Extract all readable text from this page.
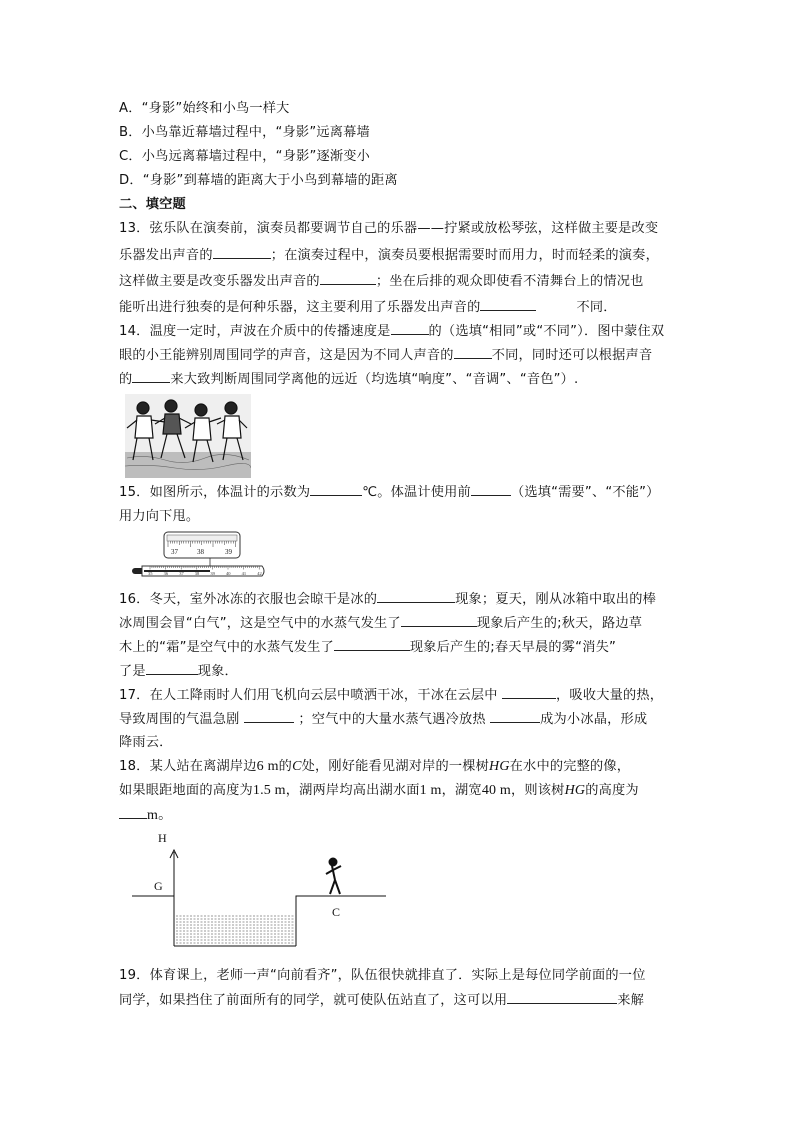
A．“身影”始终和小鸟一样大
B．小鸟靠近幕墙过程中，“身影”远离幕墙
C．小鸟远离幕墙过程中，“身影”逐渐变小
D．“身影”到幕墙的距离大于小鸟到幕墙的距离
二、填空题
13．弦乐队在演奏前，演奏员都要调节自己的乐器——拧紧或放松琴弦，这样做主要是改变
乐器发出声音的	；在演奏过程中，演奏员要根据需要时而用力，时而轻柔的演奏，
这样做主要是改变乐器发出声音的	；坐在后排的观众即使看不清舞台上的情况也
能听出进行独奏的是何种乐器，这主要利用了乐器发出声音的	不同．
14．温度一定时，声波在介质中的传播速度是	的（选填“相同”或“不同”）．图中蒙住双
眼的小王能辨别周围同学的声音，这是因为不同人声音的	不同，同时还可以根据声音
的	来大致判断周围同学离他的远近（均选填“响度”、“音调”、“音色”）.
15．如图所示，体温计的示数为	℃。体温计使用前	（选填“需要”、“不能”）
用力向下甩。
37	38	39
35 36 37 38 39 40 41 42
16．冬天，室外冰冻的衣服也会晾干是冰的	现象；夏天，刚从冰箱中取出的棒
冰周围会冒“白气”，这是空气中的水蒸气发生了	现象后产生的;秋天，路边草
木上的“霜”是空气中的水蒸气发生了	现象后产生的;春天早晨的雾“消失”
了是	现象．
17．在人工降雨时人们用飞机向云层中喷洒干冰，干冰在云层中	，吸收大量的热，
导致周围的气温急剧	；空气中的大量水蒸气遇冷放热	成为小冰晶，形成
降雨云．
18．某人站在离湖岸边6 m的C处，刚好能看见湖对岸的一棵树HG在水中的完整的像，
如果眼距地面的高度为1.5 m，湖两岸均高出湖水面1 m，湖宽40 m，则该树HG的高度为
m。
H
G
C
19．体育课上，老师一声“向前看齐”，队伍很快就排直了．实际上是每位同学前面的一位
同学，如果挡住了前面所有的同学，就可使队伍站直了，这可以用	来解
